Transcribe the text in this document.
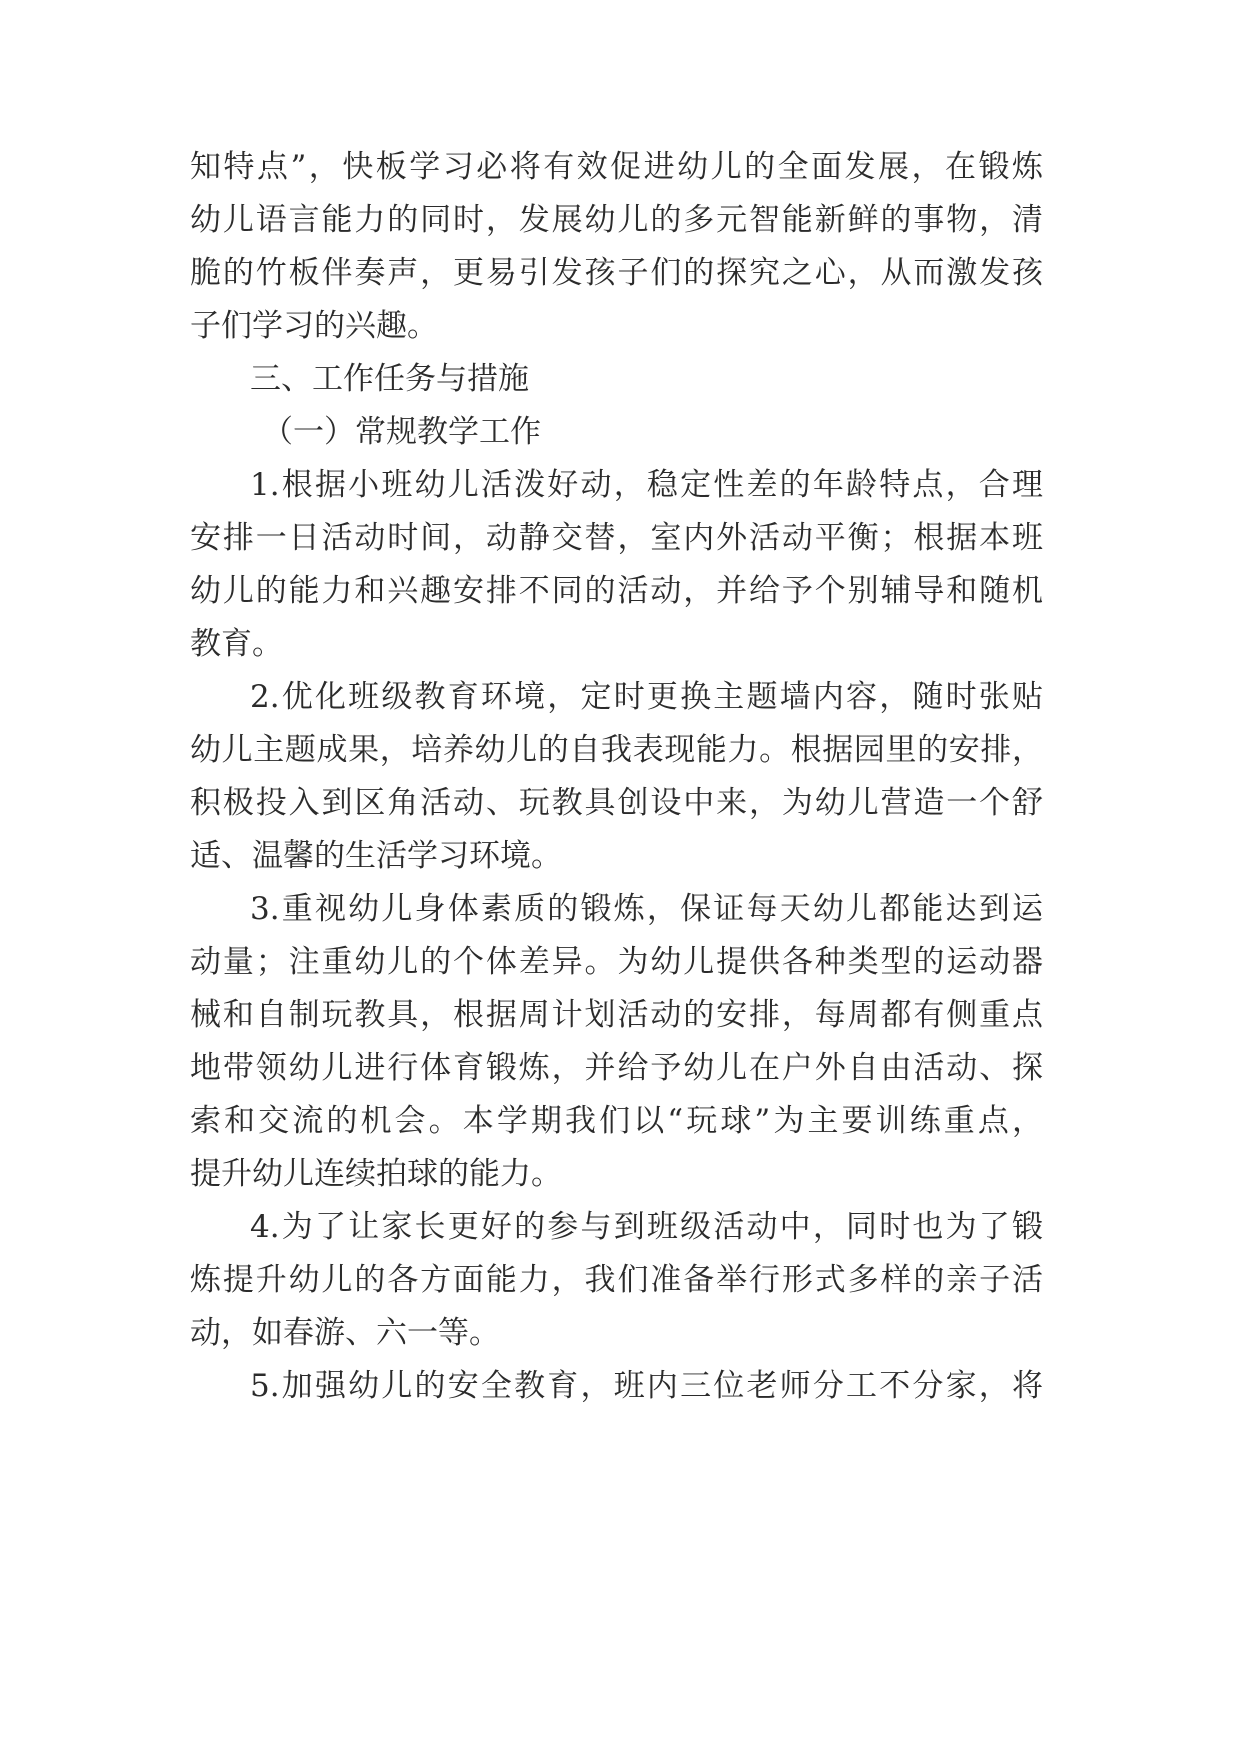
知特点”，快板学习必将有效促进幼儿的全面发展，在锻炼
幼儿语言能力的同时，发展幼儿的多元智能新鲜的事物，清
脆的竹板伴奏声，更易引发孩子们的探究之心，从而激发孩
子们学习的兴趣。
三、工作任务与措施
（一）常规教学工作
1.根据小班幼儿活泼好动，稳定性差的年龄特点，合理
安排一日活动时间，动静交替，室内外活动平衡；根据本班
幼儿的能力和兴趣安排不同的活动，并给予个别辅导和随机
教育。
2.优化班级教育环境，定时更换主题墙内容，随时张贴
幼儿主题成果，培养幼儿的自我表现能力。根据园里的安排，
积极投入到区角活动、玩教具创设中来，为幼儿营造一个舒
适、温馨的生活学习环境。
3.重视幼儿身体素质的锻炼，保证每天幼儿都能达到运
动量；注重幼儿的个体差异。为幼儿提供各种类型的运动器
械和自制玩教具，根据周计划活动的安排，每周都有侧重点
地带领幼儿进行体育锻炼，并给予幼儿在户外自由活动、探
索和交流的机会。本学期我们以“玩球”为主要训练重点，
提升幼儿连续拍球的能力。
4.为了让家长更好的参与到班级活动中，同时也为了锻
炼提升幼儿的各方面能力，我们准备举行形式多样的亲子活
动，如春游、六一等。
5.加强幼儿的安全教育，班内三位老师分工不分家，将
